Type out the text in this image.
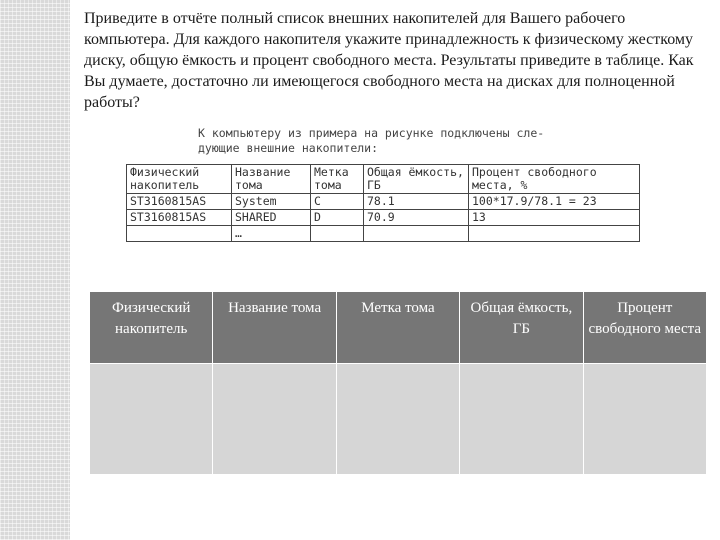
Приведите в отчёте полный список внешних накопителей для Вашего рабочего компьютера. Для каждого накопителя укажите принадлежность к физическому жесткому диску, общую ёмкость и процент свободного места. Результаты приведите в таблице. Как Вы думаете, достаточно ли имеющегося свободного места на дисках для полноценной работы?

К компьютеру из примера на рисунке подключены сле-
дующие внешние накопители:

Физический накопитель	Название тома	Метка тома	Общая ёмкость, ГБ	Процент свободного места, %
ST3160815AS	System	C	78.1	100*17.9/78.1 = 23
ST3160815AS	SHARED	D	70.9	13
	…			
Физический накопитель	Название тома	Метка тома	Общая ёмкость, ГБ	Процент свободного места
